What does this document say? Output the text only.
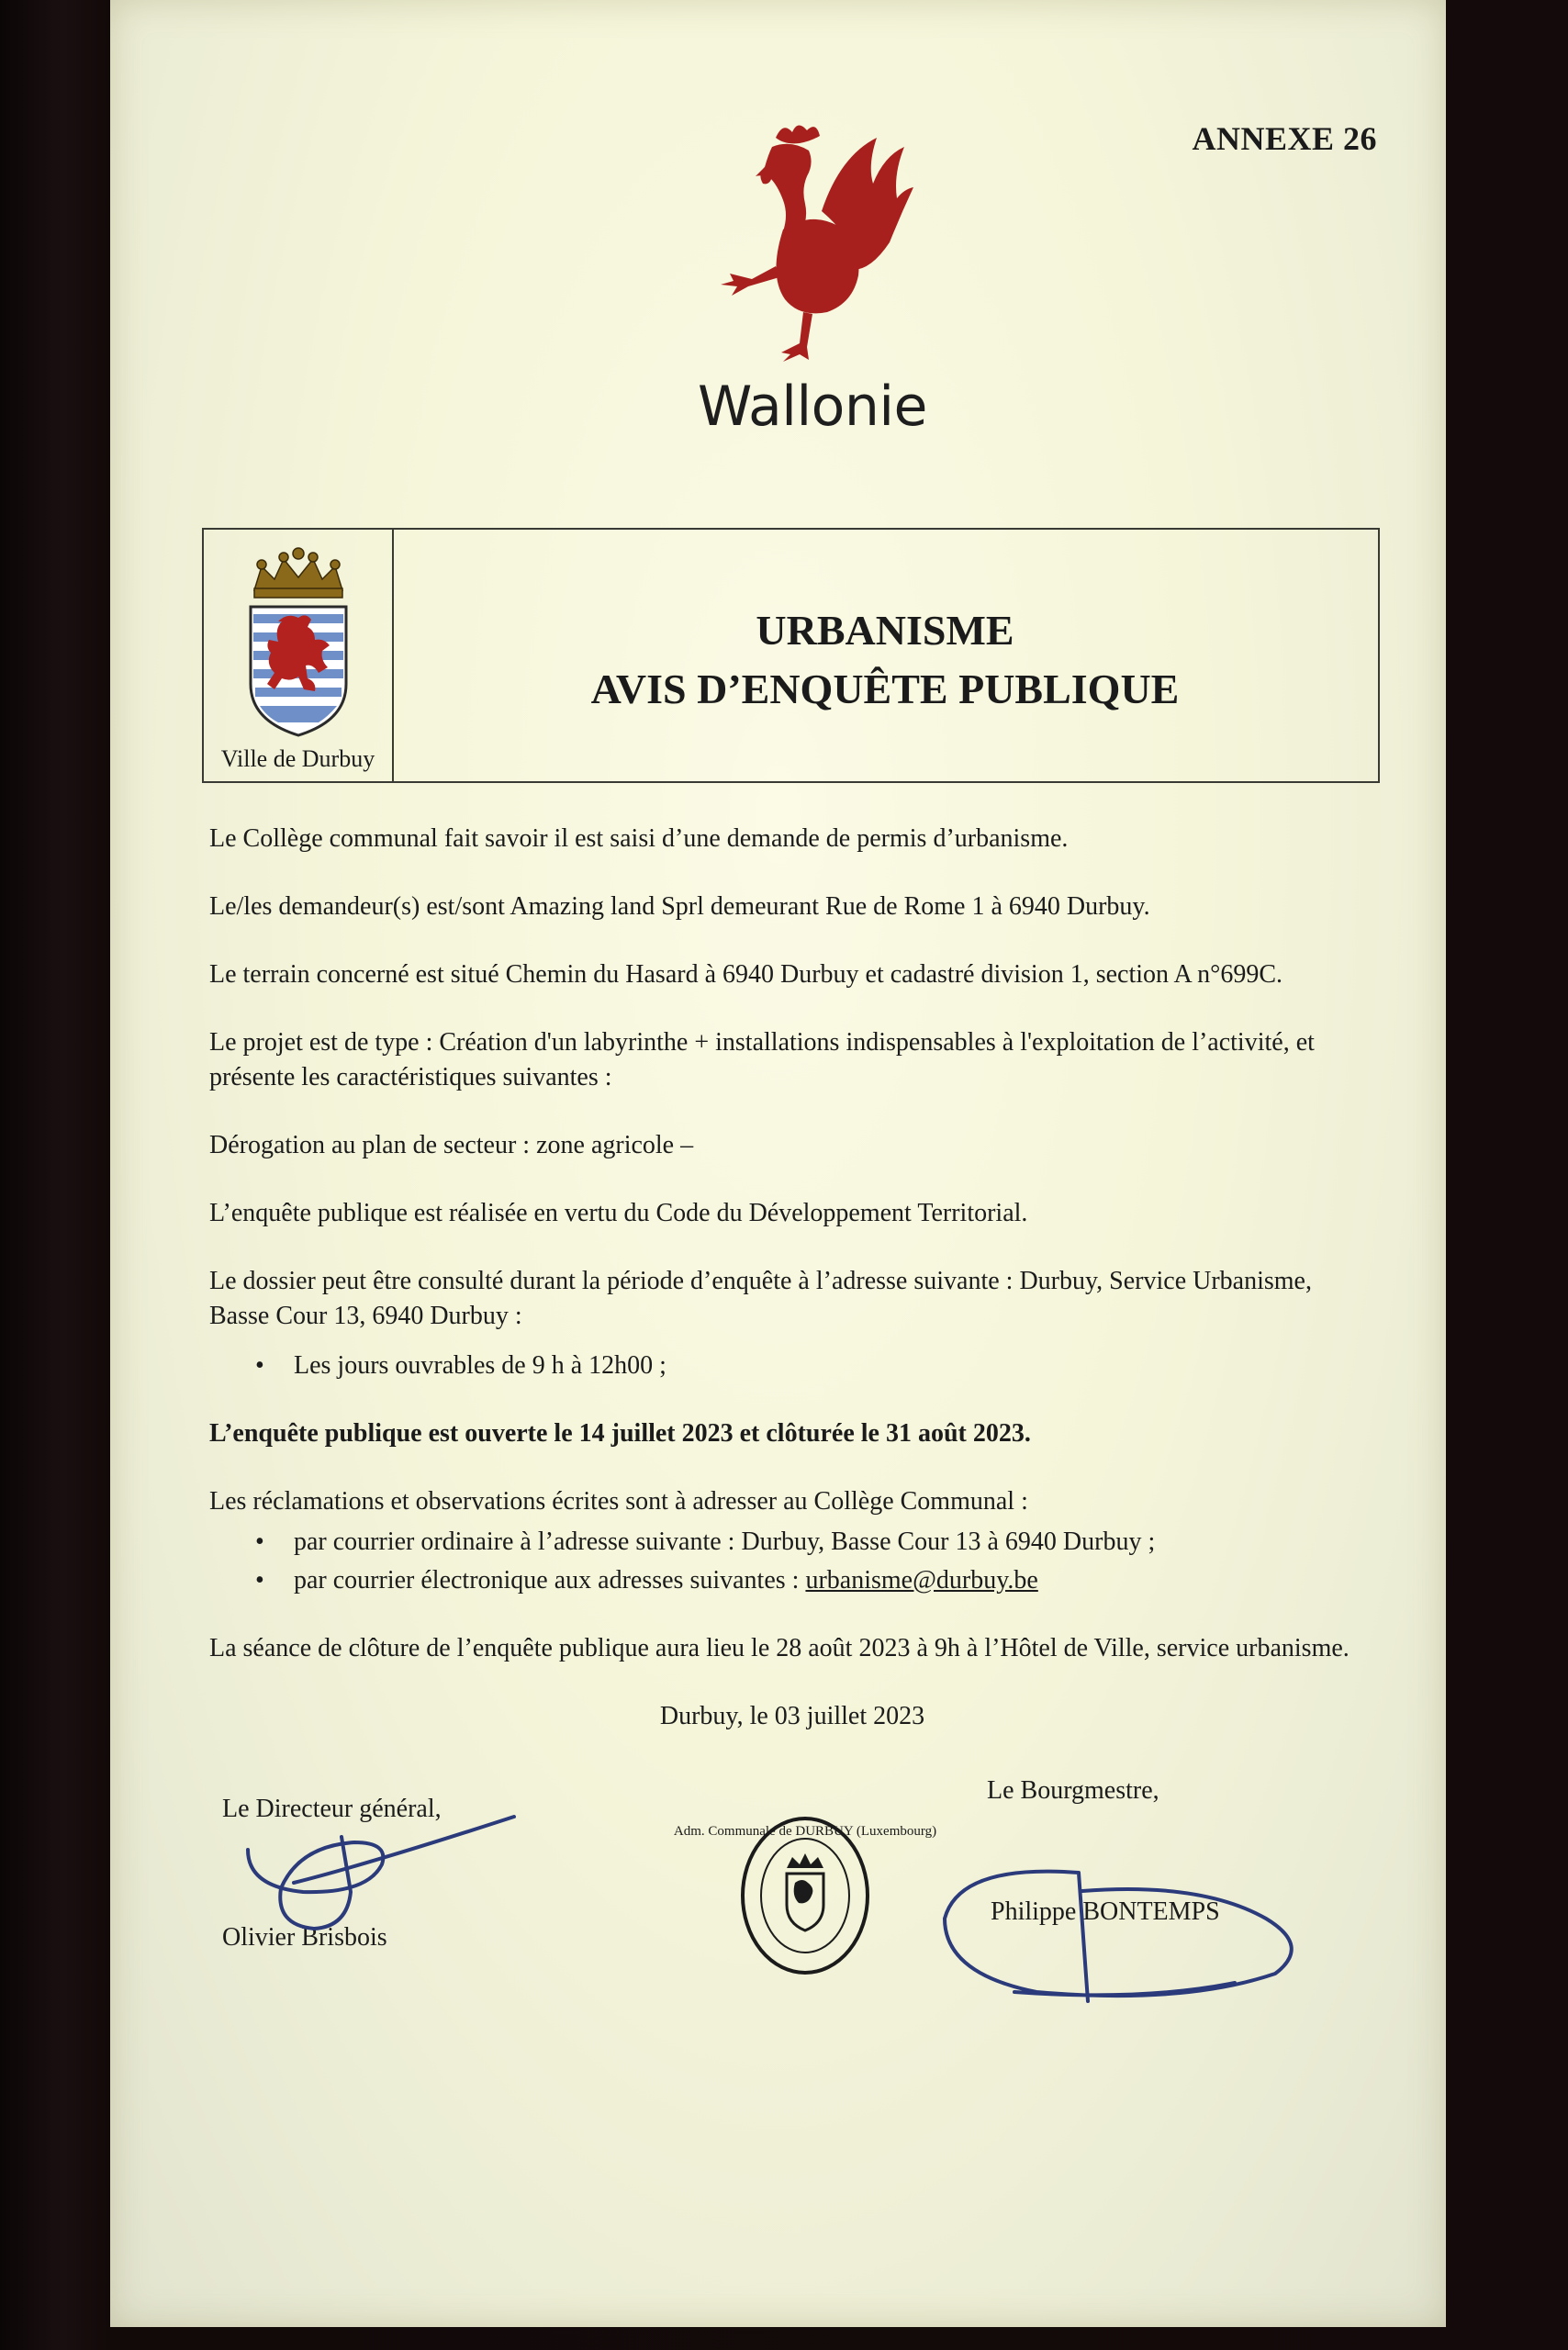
ANNEXE 26
Wallonie
Ville de Durbuy
URBANISME
AVIS D’ENQUÊTE PUBLIQUE

Le Collège communal fait savoir il est saisi d’une demande de permis d’urbanisme.

Le/les demandeur(s) est/sont Amazing land Sprl demeurant Rue de Rome 1 à 6940 Durbuy.

Le terrain concerné est situé Chemin du Hasard à 6940 Durbuy et cadastré division 1, section A n°699C.

Le projet est de type : Création d'un labyrinthe + installations indispensables à l'exploitation de l’activité, et présente les caractéristiques suivantes :

Dérogation au plan de secteur : zone agricole –

L’enquête publique est réalisée en vertu du Code du Développement Territorial.

Le dossier peut être consulté durant la période d’enquête à l’adresse suivante : Durbuy, Service Urbanisme, Basse Cour 13, 6940 Durbuy :

• Les jours ouvrables de 9 h à 12h00 ;

L’enquête publique est ouverte le 14 juillet 2023 et clôturée le 31 août 2023.

Les réclamations et observations écrites sont à adresser au Collège Communal :

• par courrier ordinaire à l’adresse suivante : Durbuy, Basse Cour 13 à 6940 Durbuy ;
• par courrier électronique aux adresses suivantes : urbanisme@durbuy.be

La séance de clôture de l’enquête publique aura lieu le 28 août 2023 à 9h à l’Hôtel de Ville, service urbanisme.

Durbuy, le 03 juillet 2023

Le Directeur général,
Olivier Brisbois
Adm. Communale de DURBUY (Luxembourg)
Le Bourgmestre,
Philippe BONTEMPS
